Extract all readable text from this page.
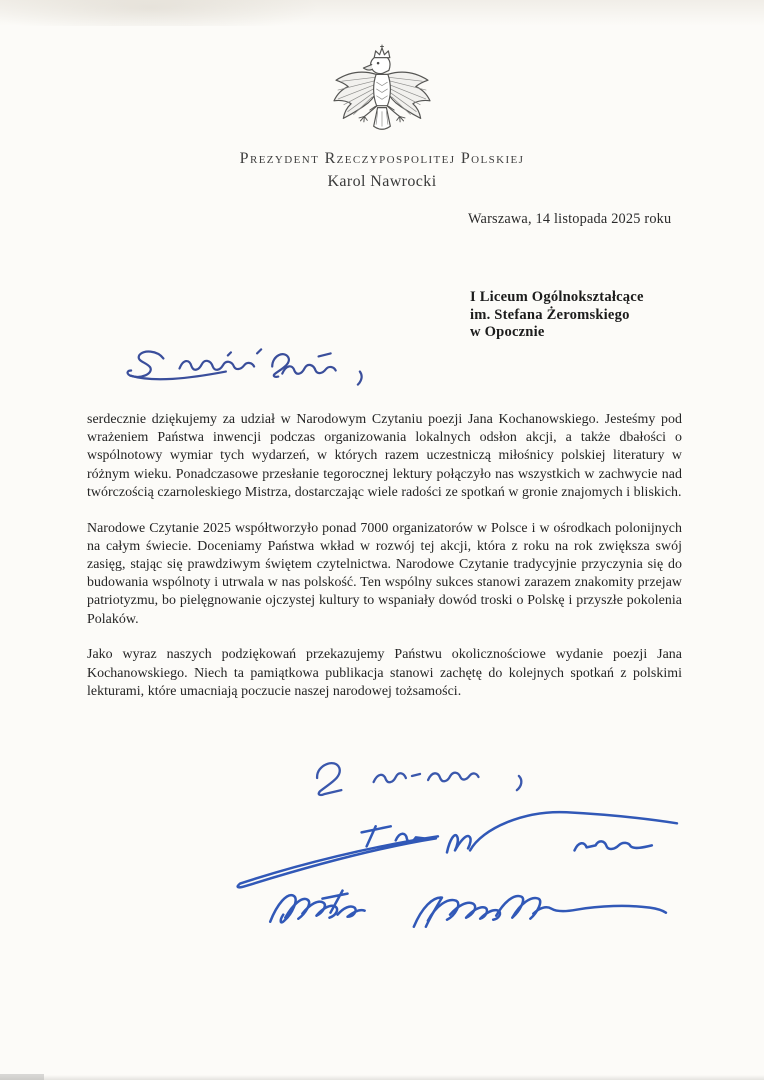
Prezydent Rzeczypospolitej Polskiej
Karol Nawrocki
Warszawa, 14 listopada 2025 roku
I Liceum Ogólnokształcące
im. Stefana Żeromskiego
w Opocznie

serdecznie dziękujemy za udział w Narodowym Czytaniu poezji Jana Kochanowskiego. Jesteśmy pod wrażeniem Państwa inwencji podczas organizowania lokalnych odsłon akcji, a także dbałości o wspólnotowy wymiar tych wydarzeń, w których razem uczestniczą miłośnicy polskiej literatury w różnym wieku. Ponadczasowe przesłanie tegorocznej lektury połączyło nas wszystkich w zachwycie nad twórczością czarnoleskiego Mistrza, dostarczając wiele radości ze spotkań w gronie znajomych i bliskich.

Narodowe Czytanie 2025 współtworzyło ponad 7000 organizatorów w Polsce i w ośrodkach polonijnych na całym świecie. Doceniamy Państwa wkład w rozwój tej akcji, która z roku na rok zwiększa swój zasięg, stając się prawdziwym świętem czytelnictwa. Narodowe Czytanie tradycyjnie przyczynia się do budowania wspólnoty i utrwala w nas polskość. Ten wspólny sukces stanowi zarazem znakomity przejaw patriotyzmu, bo pielęgnowanie ojczystej kultury to wspaniały dowód troski o Polskę i przyszłe pokolenia Polaków.

Jako wyraz naszych podziękowań przekazujemy Państwu okolicznościowe wydanie poezji Jana Kochanowskiego. Niech ta pamiątkowa publikacja stanowi zachętę do kolejnych spotkań z polskimi lekturami, które umacniają poczucie naszej narodowej tożsamości.
